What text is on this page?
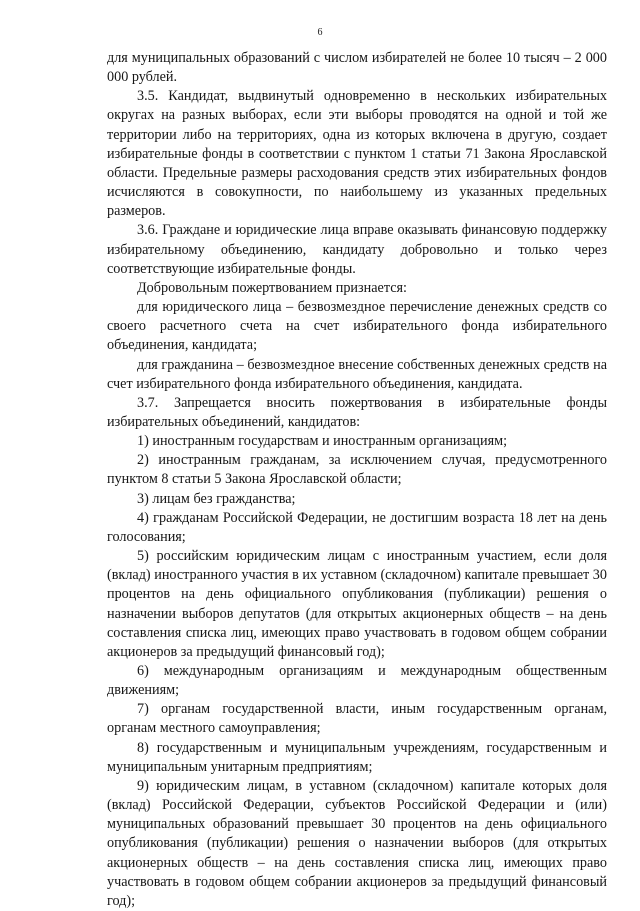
6

для муниципальных образований с числом избирателей не более 10 тысяч – 2 000 000 рублей.

3.5. Кандидат, выдвинутый одновременно в нескольких избирательных округах на разных выборах, если эти выборы проводятся на одной и той же территории либо на территориях, одна из которых включена в другую, создает избирательные фонды в соответствии с пунктом 1 статьи 71 Закона Ярославской области. Предельные размеры расходования средств этих избирательных фондов исчисляются в совокупности, по наибольшему из указанных предельных размеров.

3.6. Граждане и юридические лица вправе оказывать финансовую поддержку избирательному объединению, кандидату добровольно и только через соответствующие избирательные фонды.

Добровольным пожертвованием признается:

для юридического лица – безвозмездное перечисление денежных средств со своего расчетного счета на счет избирательного фонда избирательного объединения, кандидата;

для гражданина – безвозмездное внесение собственных денежных средств на счет избирательного фонда избирательного объединения, кандидата.

3.7. Запрещается вносить пожертвования в избирательные фонды избирательных объединений, кандидатов:

1) иностранным государствам и иностранным организациям;

2) иностранным гражданам, за исключением случая, предусмотренного пунктом 8 статьи 5 Закона Ярославской области;

3) лицам без гражданства;

4) гражданам Российской Федерации, не достигшим возраста 18 лет на день голосования;

5) российским юридическим лицам с иностранным участием, если доля (вклад) иностранного участия в их уставном (складочном) капитале превышает 30 процентов на день официального опубликования (публикации) решения о назначении выборов депутатов (для открытых акционерных обществ – на день составления списка лиц, имеющих право участвовать в годовом общем собрании акционеров за предыдущий финансовый год);

6) международным организациям и международным общественным движениям;

7) органам государственной власти, иным государственным органам, органам местного самоуправления;

8) государственным и муниципальным учреждениям, государственным и муниципальным унитарным предприятиям;

9) юридическим лицам, в уставном (складочном) капитале которых доля (вклад) Российской Федерации, субъектов Российской Федерации и (или) муниципальных образований превышает 30 процентов на день официального опубликования (публикации) решения о назначении выборов (для открытых акционерных обществ – на день составления списка лиц, имеющих право участвовать в годовом общем собрании акционеров за предыдущий финансовый год);
